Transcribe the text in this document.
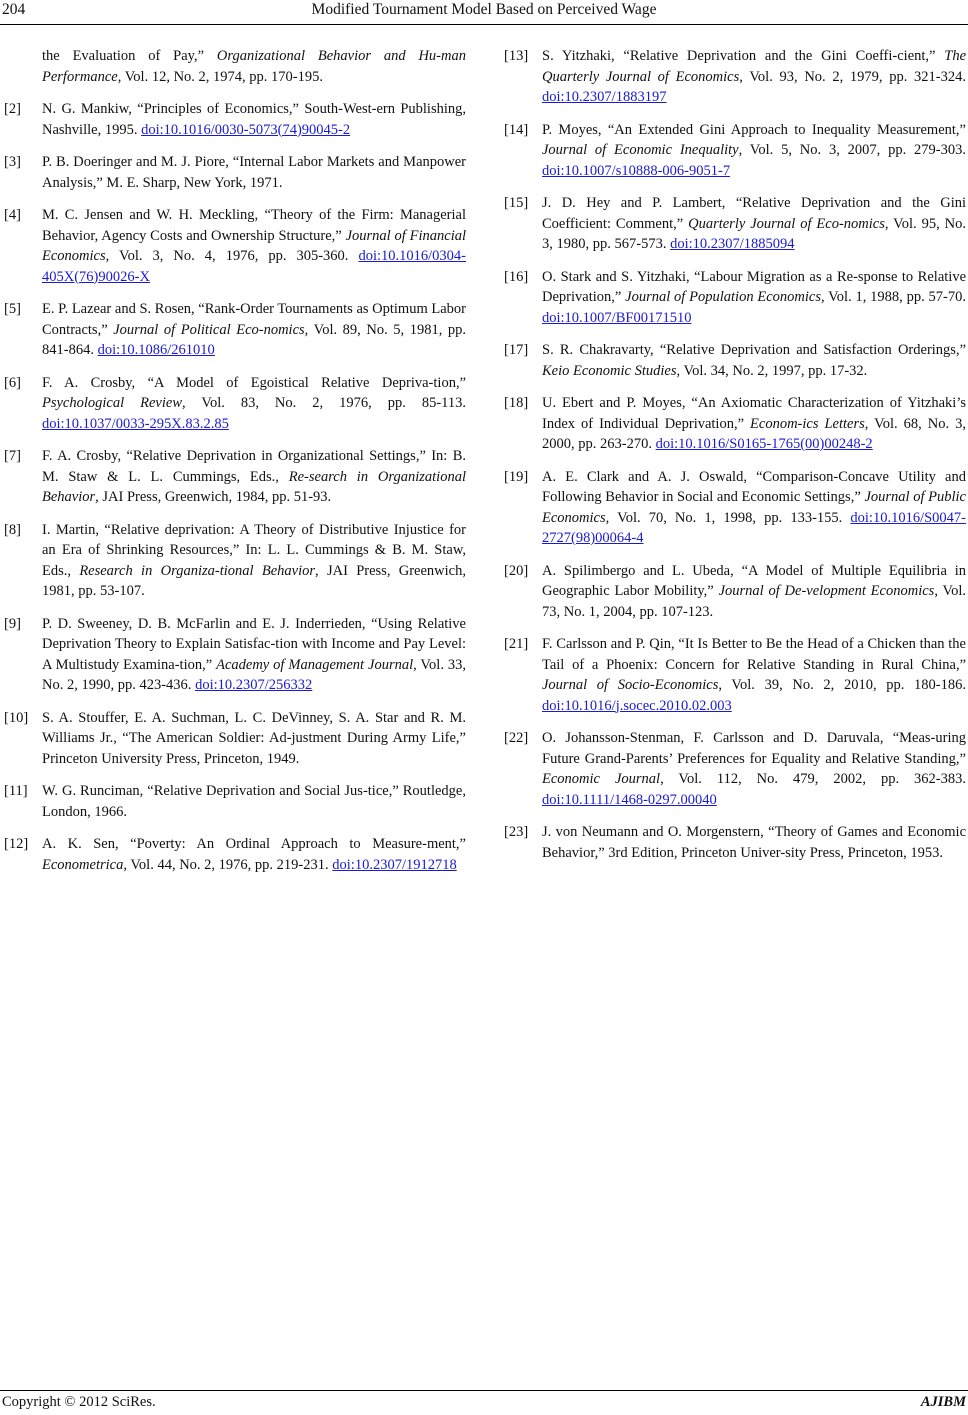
204	Modified Tournament Model Based on Perceived Wage
the Evaluation of Pay,” Organizational Behavior and Hu-man Performance, Vol. 12, No. 2, 1974, pp. 170-195.
[2] N. G. Mankiw, “Principles of Economics,” South-West-ern Publishing, Nashville, 1995. doi:10.1016/0030-5073(74)90045-2
[3] P. B. Doeringer and M. J. Piore, “Internal Labor Markets and Manpower Analysis,” M. E. Sharp, New York, 1971.
[4] M. C. Jensen and W. H. Meckling, “Theory of the Firm: Managerial Behavior, Agency Costs and Ownership Structure,” Journal of Financial Economics, Vol. 3, No. 4, 1976, pp. 305-360. doi:10.1016/0304-405X(76)90026-X
[5] E. P. Lazear and S. Rosen, “Rank-Order Tournaments as Optimum Labor Contracts,” Journal of Political Eco-nomics, Vol. 89, No. 5, 1981, pp. 841-864. doi:10.1086/261010
[6] F. A. Crosby, “A Model of Egoistical Relative Depriva-tion,” Psychological Review, Vol. 83, No. 2, 1976, pp. 85-113. doi:10.1037/0033-295X.83.2.85
[7] F. A. Crosby, “Relative Deprivation in Organizational Settings,” In: B. M. Staw & L. L. Cummings, Eds., Re-search in Organizational Behavior, JAI Press, Greenwich, 1984, pp. 51-93.
[8] I. Martin, “Relative deprivation: A Theory of Distributive Injustice for an Era of Shrinking Resources,” In: L. L. Cummings & B. M. Staw, Eds., Research in Organiza-tional Behavior, JAI Press, Greenwich, 1981, pp. 53-107.
[9] P. D. Sweeney, D. B. McFarlin and E. J. Inderrieden, “Using Relative Deprivation Theory to Explain Satisfac-tion with Income and Pay Level: A Multistudy Examina-tion,” Academy of Management Journal, Vol. 33, No. 2, 1990, pp. 423-436. doi:10.2307/256332
[10] S. A. Stouffer, E. A. Suchman, L. C. DeVinney, S. A. Star and R. M. Williams Jr., “The American Soldier: Ad-justment During Army Life,” Princeton University Press, Princeton, 1949.
[11] W. G. Runciman, “Relative Deprivation and Social Jus-tice,” Routledge, London, 1966.
[12] A. K. Sen, “Poverty: An Ordinal Approach to Measure-ment,” Econometrica, Vol. 44, No. 2, 1976, pp. 219-231. doi:10.2307/1912718
[13] S. Yitzhaki, “Relative Deprivation and the Gini Coeffi-cient,” The Quarterly Journal of Economics, Vol. 93, No. 2, 1979, pp. 321-324. doi:10.2307/1883197
[14] P. Moyes, “An Extended Gini Approach to Inequality Measurement,” Journal of Economic Inequality, Vol. 5, No. 3, 2007, pp. 279-303. doi:10.1007/s10888-006-9051-7
[15] J. D. Hey and P. Lambert, “Relative Deprivation and the Gini Coefficient: Comment,” Quarterly Journal of Eco-nomics, Vol. 95, No. 3, 1980, pp. 567-573. doi:10.2307/1885094
[16] O. Stark and S. Yitzhaki, “Labour Migration as a Re-sponse to Relative Deprivation,” Journal of Population Economics, Vol. 1, 1988, pp. 57-70. doi:10.1007/BF00171510
[17] S. R. Chakravarty, “Relative Deprivation and Satisfaction Orderings,” Keio Economic Studies, Vol. 34, No. 2, 1997, pp. 17-32.
[18] U. Ebert and P. Moyes, “An Axiomatic Characterization of Yitzhaki’s Index of Individual Deprivation,” Econom-ics Letters, Vol. 68, No. 3, 2000, pp. 263-270. doi:10.1016/S0165-1765(00)00248-2
[19] A. E. Clark and A. J. Oswald, “Comparison-Concave Utility and Following Behavior in Social and Economic Settings,” Journal of Public Economics, Vol. 70, No. 1, 1998, pp. 133-155. doi:10.1016/S0047-2727(98)00064-4
[20] A. Spilimbergo and L. Ubeda, “A Model of Multiple Equilibria in Geographic Labor Mobility,” Journal of De-velopment Economics, Vol. 73, No. 1, 2004, pp. 107-123.
[21] F. Carlsson and P. Qin, “It Is Better to Be the Head of a Chicken than the Tail of a Phoenix: Concern for Relative Standing in Rural China,” Journal of Socio-Economics, Vol. 39, No. 2, 2010, pp. 180-186. doi:10.1016/j.socec.2010.02.003
[22] O. Johansson-Stenman, F. Carlsson and D. Daruvala, “Meas-uring Future Grand-Parents’ Preferences for Equality and Relative Standing,” Economic Journal, Vol. 112, No. 479, 2002, pp. 362-383. doi:10.1111/1468-0297.00040
[23] J. von Neumann and O. Morgenstern, “Theory of Games and Economic Behavior,” 3rd Edition, Princeton Univer-sity Press, Princeton, 1953.
Copyright © 2012 SciRes.	AJIBM
